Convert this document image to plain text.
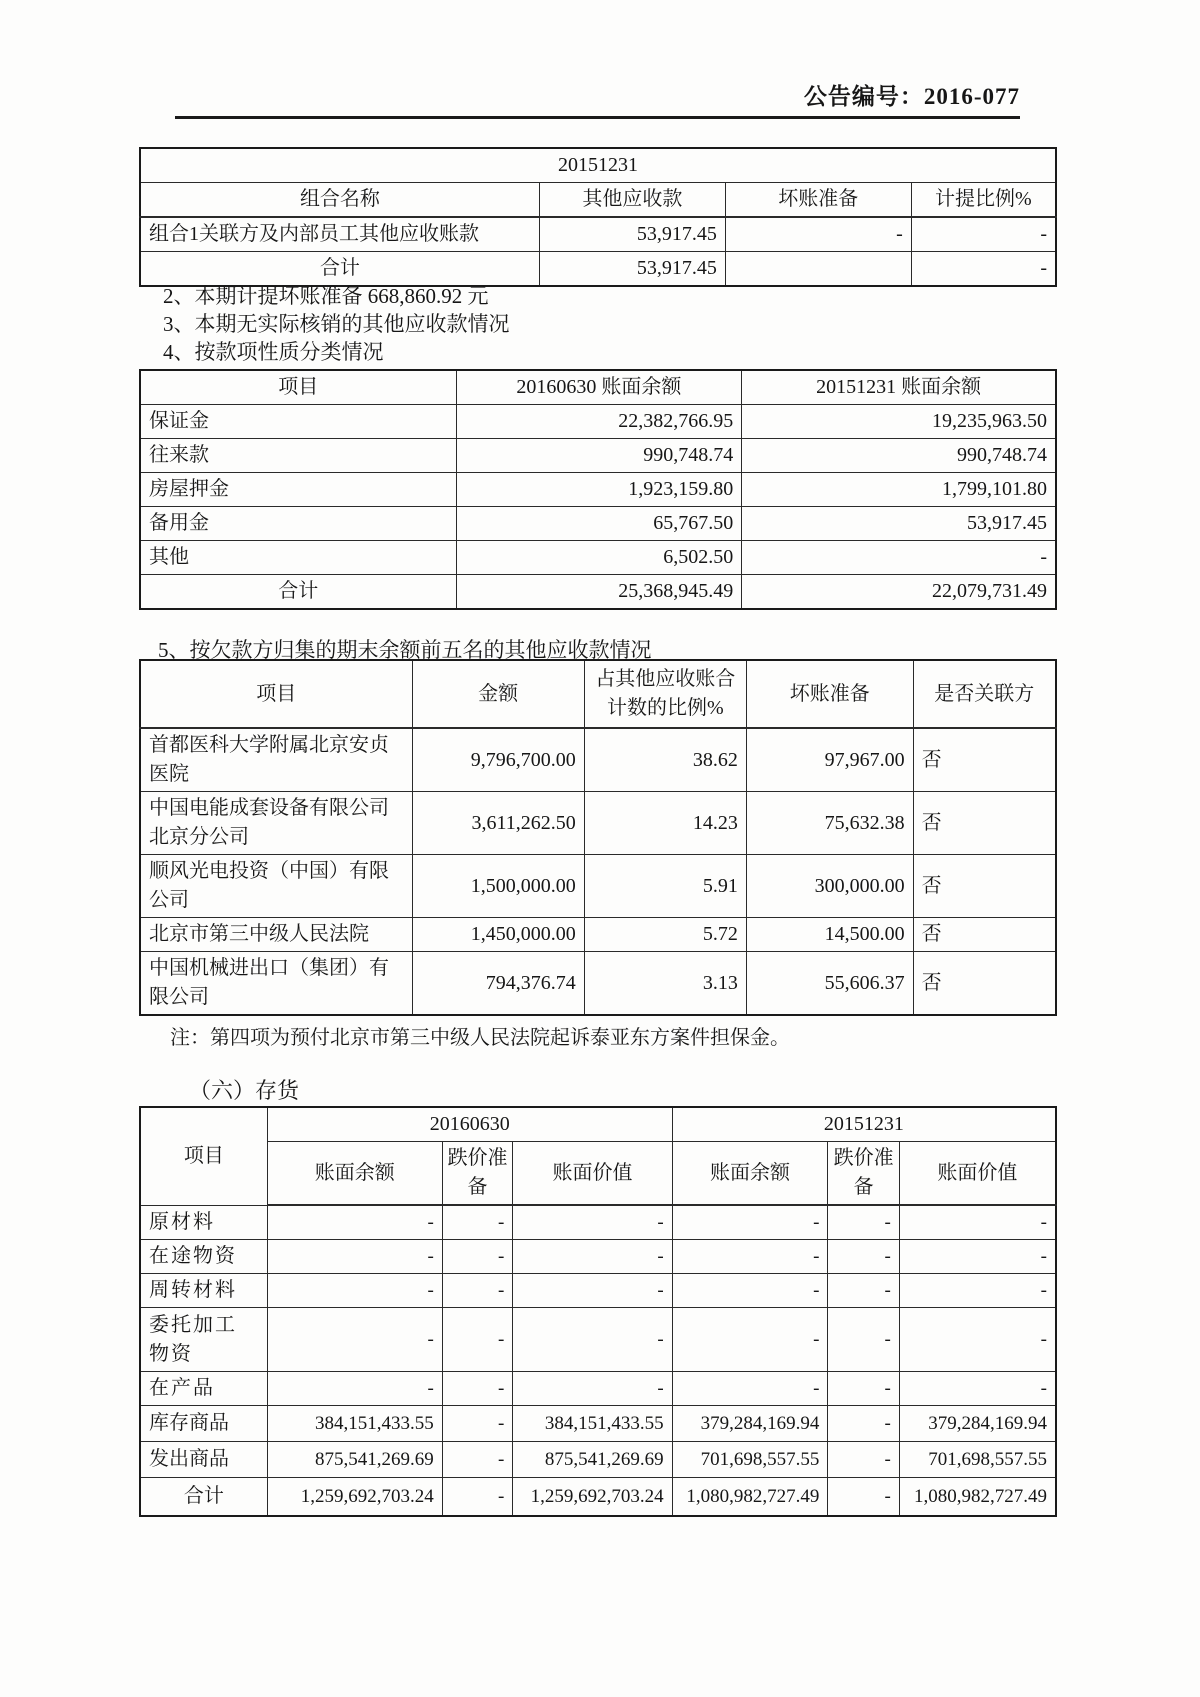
公告编号：2016-077
20151231			
组合名称	其他应收款	坏账准备	计提比例%
组合1关联方及内部员工其他应收账款	53,917.45	-	-
合计	53,917.45		-
2、本期计提坏账准备 668,860.92 元
3、本期无实际核销的其他应收款情况
4、按款项性质分类情况
项目	20160630 账面余额	20151231 账面余额
保证金	22,382,766.95	19,235,963.50
往来款	990,748.74	990,748.74
房屋押金	1,923,159.80	1,799,101.80
备用金	65,767.50	53,917.45
其他	6,502.50	-
合计	25,368,945.49	22,079,731.49
5、按欠款方归集的期末余额前五名的其他应收款情况
项目	金额	占其他应收账合计数的比例%	坏账准备	是否关联方
首都医科大学附属北京安贞医院	9,796,700.00	38.62	97,967.00	否
中国电能成套设备有限公司北京分公司	3,611,262.50	14.23	75,632.38	否
顺风光电投资（中国）有限公司	1,500,000.00	5.91	300,000.00	否
北京市第三中级人民法院	1,450,000.00	5.72	14,500.00	否
中国机械进出口（集团）有限公司	794,376.74	3.13	55,606.37	否
注：第四项为预付北京市第三中级人民法院起诉泰亚东方案件担保金。
（六）存货
项目	20160630			20151231		
	账面余额	跌价准备	账面价值	账面余额	跌价准备	账面价值
原材料	-	-	-	-	-	-
在途物资	-	-	-	-	-	-
周转材料	-	-	-	-	-	-
委托加工物资	-	-	-	-	-	-
在产品	-	-	-	-	-	-
库存商品	384,151,433.55	-	384,151,433.55	379,284,169.94	-	379,284,169.94
发出商品	875,541,269.69	-	875,541,269.69	701,698,557.55	-	701,698,557.55
合计	1,259,692,703.24	-	1,259,692,703.24	1,080,982,727.49	-	1,080,982,727.49
